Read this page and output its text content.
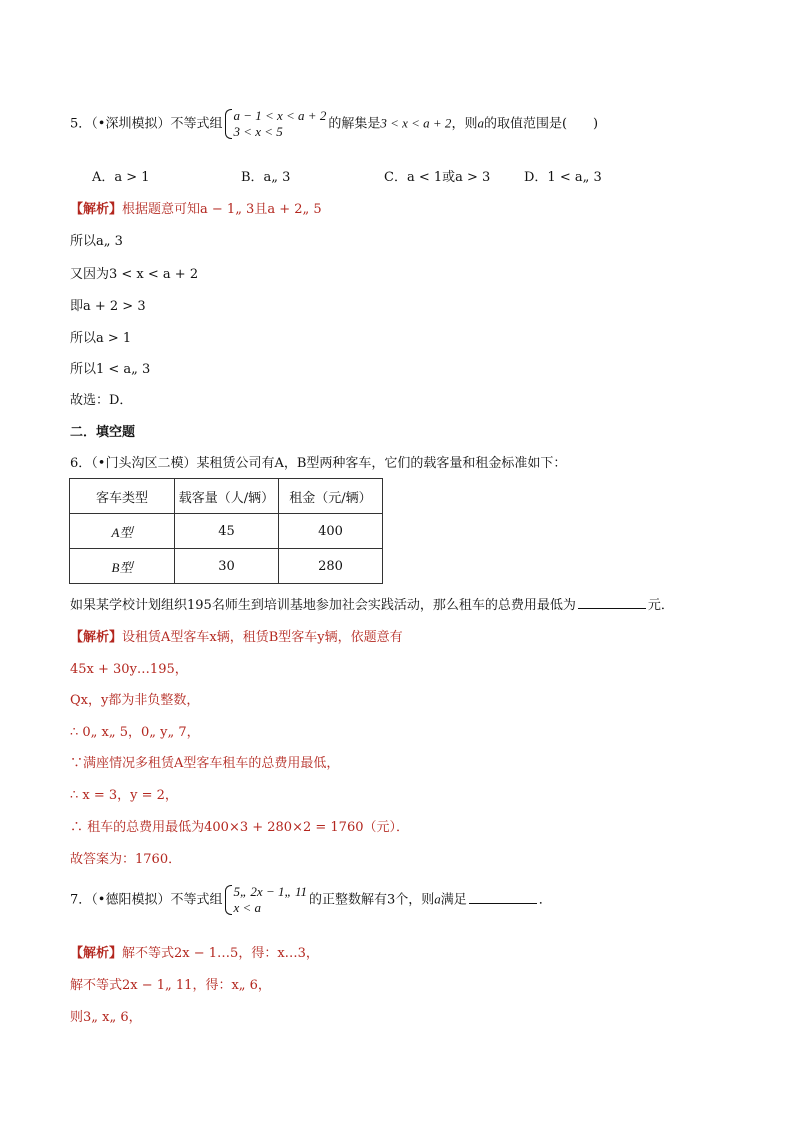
5．（•深圳模拟）不等式组
a − 1 < x < a + 2
3 < x < 5	的解集是3 < x < a + 2，则a的取值范围是(　　)
A．a > 1	B．a„ 3	C．a < 1或a > 3	D．1 < a„ 3
【解析】根据题意可知a − 1„ 3且a + 2„ 5
所以a„ 3
又因为3 < x < a + 2
即a + 2 > 3
所以a > 1
所以1 < a„ 3
故选：D．
二．填空题
6．（•门头沟区二模）某租赁公司有A，B型两种客车，它们的载客量和租金标准如下：
客车类型	载客量（人/辆）	租金（元/辆）
A型	45	400
B型	30	280
如果某学校计划组织195名师生到培训基地参加社会实践活动，那么租车的总费用最低为	元．
【解析】设租赁A型客车x辆，租赁B型客车y辆，依题意有
45x + 30y…195，
Qx，y都为非负整数，
∴ 0„ x„ 5，0„ y„ 7，
∵满座情况多租赁A型客车租车的总费用最低，
∴ x = 3，y = 2，
∴ 租车的总费用最低为400×3 + 280×2 = 1760（元）．
故答案为：1760．
7．（•德阳模拟）不等式组
5„ 2x − 1„ 11
x < a	的正整数解有3个，则a满足	．
【解析】解不等式2x − 1…5，得：x…3，
解不等式2x − 1„ 11，得：x„ 6，
则3„ x„ 6，
